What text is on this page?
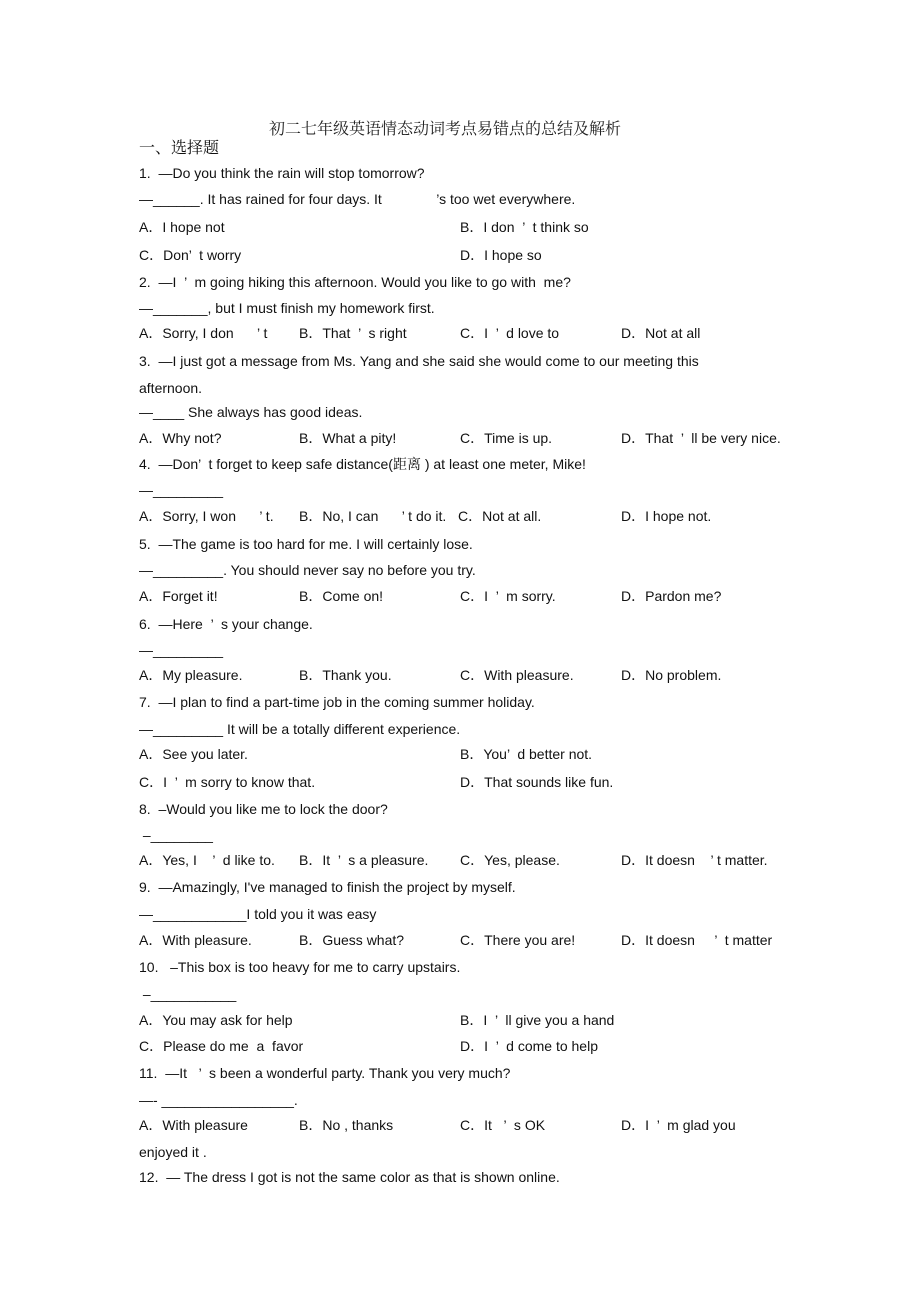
初二七年级英语情态动词考点易错点的总结及解析
一、选择题
1.  —Do you think the rain will stop tomorrow?
—______. It has rained for four days. It              ’s too wet everywhere.
A．I hope not	B．I don  ’  t think so
C．Don’  t worry	D．I hope so
2.  —I  ’  m going hiking this afternoon. Would you like to go with  me?
—_______, but I must finish my homework first.
A．Sorry, I don      ’ t B．That  ’  s right	C．I  ’  d love to	D．Not at all
3.  —I just got a message from Ms. Yang and she said she would come to our meeting this
afternoon.
—____ She always has good ideas.
A．Why not?	B．What a pity!	C．Time is up.	D．That  ’  ll be very nice.
4.  —Don’  t forget to keep safe distance(距离 ) at least one meter, Mike!
—_________
A．Sorry, I won      ’ t. B．No, I can      ’ t do it. C．Not at all.	D．I hope not.
5.  —The game is too hard for me. I will certainly lose.
—_________. You should never say no before you try.
A．Forget it!	B．Come on!	C．I  ’  m sorry.	D．Pardon me?
6.  —Here  ’  s your change.
—_________
A．My pleasure.	B．Thank you.	C．With pleasure.	D．No problem.
7.  —I plan to find a part-time job in the coming summer holiday.
—_________ It will be a totally different experience.
A．See you later.	B．You’  d better not.
C．I  ’  m sorry to know that.	D．That sounds like fun.
8.  –Would you like me to lock the door?
–________
A．Yes, I    ’  d like to. B．It  ’  s a pleasure. C．Yes, please.	D．It doesn    ’ t matter.
9.  —Amazingly, I've managed to finish the project by myself.
—____________I told you it was easy
A．With pleasure.	B．Guess what?	C．There you are!	D．It doesn     ’  t matter
10.   –This box is too heavy for me to carry upstairs.
–___________
A．You may ask for help	B．I  ’  ll give you a hand
C．Please do me  a  favor	D．I  ’  d come to help
11.  —It   ’  s been a wonderful party. Thank you very much?
—- _________________.
A．With pleasure	B．No , thanks	C．It   ’  s OK	D．I  ’  m glad you
enjoyed it .
12.  — The dress I got is not the same color as that is shown online.
